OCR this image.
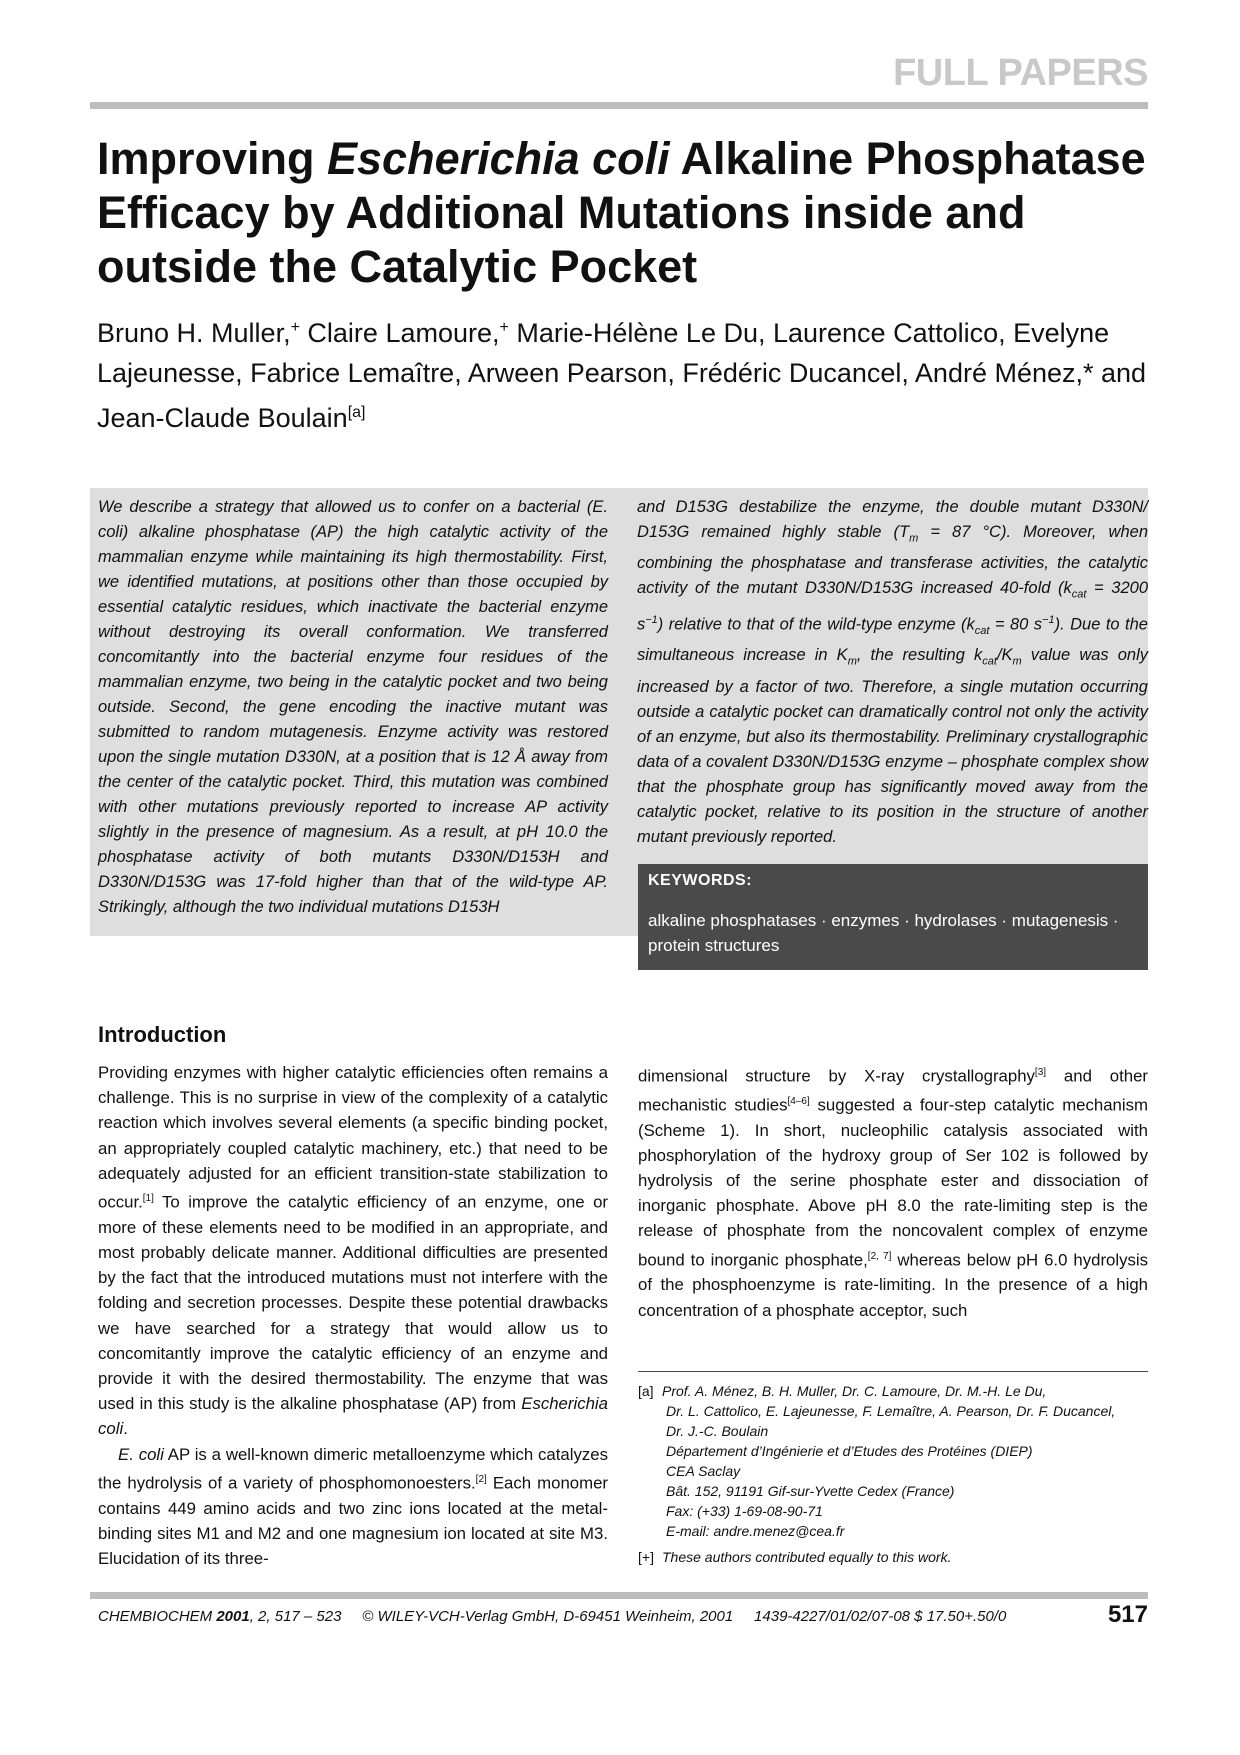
FULL PAPERS
Improving Escherichia coli Alkaline Phosphatase Efficacy by Additional Mutations inside and outside the Catalytic Pocket
Bruno H. Muller,+ Claire Lamoure,+ Marie-Hélène Le Du, Laurence Cattolico, Evelyne Lajeunesse, Fabrice Lemaître, Arween Pearson, Frédéric Ducancel, André Ménez,* and Jean-Claude Boulain[a]
We describe a strategy that allowed us to confer on a bacterial (E. coli) alkaline phosphatase (AP) the high catalytic activity of the mammalian enzyme while maintaining its high thermostability. First, we identified mutations, at positions other than those occupied by essential catalytic residues, which inactivate the bacterial enzyme without destroying its overall conformation. We transferred concomitantly into the bacterial enzyme four residues of the mammalian enzyme, two being in the catalytic pocket and two being outside. Second, the gene encoding the inactive mutant was submitted to random mutagenesis. Enzyme activity was restored upon the single mutation D330N, at a position that is 12 Å away from the center of the catalytic pocket. Third, this mutation was combined with other mutations previously reported to increase AP activity slightly in the presence of magnesium. As a result, at pH 10.0 the phosphatase activity of both mutants D330N/D153H and D330N/D153G was 17-fold higher than that of the wild-type AP. Strikingly, although the two individual mutations D153H
and D153G destabilize the enzyme, the double mutant D330N/ D153G remained highly stable ($T_m = 87$ °C). Moreover, when combining the phosphatase and transferase activities, the catalytic activity of the mutant D330N/D153G increased 40-fold ($k_{cat} = 3200$ $s^{-1}$) relative to that of the wild-type enzyme ($k_{cat} = 80$ $s^{-1}$). Due to the simultaneous increase in $K_m$, the resulting $k_{cat}/K_m$ value was only increased by a factor of two. Therefore, a single mutation occurring outside a catalytic pocket can dramatically control not only the activity of an enzyme, but also its thermostability. Preliminary crystallographic data of a covalent D330N/D153G enzyme – phosphate complex show that the phosphate group has significantly moved away from the catalytic pocket, relative to its position in the structure of another mutant previously reported.
KEYWORDS:
alkaline phosphatases · enzymes · hydrolases · mutagenesis · protein structures
Introduction
Providing enzymes with higher catalytic efficiencies often remains a challenge. This is no surprise in view of the complexity of a catalytic reaction which involves several elements (a specific binding pocket, an appropriately coupled catalytic machinery, etc.) that need to be adequately adjusted for an efficient transition-state stabilization to occur.[1] To improve the catalytic efficiency of an enzyme, one or more of these elements need to be modified in an appropriate, and most probably delicate manner. Additional difficulties are presented by the fact that the introduced mutations must not interfere with the folding and secretion processes. Despite these potential drawbacks we have searched for a strategy that would allow us to concomitantly improve the catalytic efficiency of an enzyme and provide it with the desired thermostability. The enzyme that was used in this study is the alkaline phosphatase (AP) from Escherichia coli.
E. coli AP is a well-known dimeric metalloenzyme which catalyzes the hydrolysis of a variety of phosphomonoesters.[2] Each monomer contains 449 amino acids and two zinc ions located at the metal-binding sites M1 and M2 and one magnesium ion located at site M3. Elucidation of its three-
dimensional structure by X-ray crystallography[3] and other mechanistic studies[4–6] suggested a four-step catalytic mechanism (Scheme 1). In short, nucleophilic catalysis associated with phosphorylation of the hydroxy group of Ser 102 is followed by hydrolysis of the serine phosphate ester and dissociation of inorganic phosphate. Above pH 8.0 the rate-limiting step is the release of phosphate from the noncovalent complex of enzyme bound to inorganic phosphate,[2, 7] whereas below pH 6.0 hydrolysis of the phosphoenzyme is rate-limiting. In the presence of a high concentration of a phosphate acceptor, such
[a] Prof. A. Ménez, B. H. Muller, Dr. C. Lamoure, Dr. M.-H. Le Du,
Dr. L. Cattolico, E. Lajeunesse, F. Lemaître, A. Pearson, Dr. F. Ducancel,
Dr. J.-C. Boulain
Département d’Ingénierie et d’Etudes des Protéines (DIEP)
CEA Saclay
Bât. 152, 91191 Gif-sur-Yvette Cedex (France)
Fax: (+33) 1-69-08-90-71
E-mail: andre.menez@cea.fr
[+] These authors contributed equally to this work.
CHEMBIOCHEM 2001, 2, 517 – 523     © WILEY-VCH-Verlag GmbH, D-69451 Weinheim, 2001     1439-4227/01/02/07-08 $ 17.50+.50/0	517
